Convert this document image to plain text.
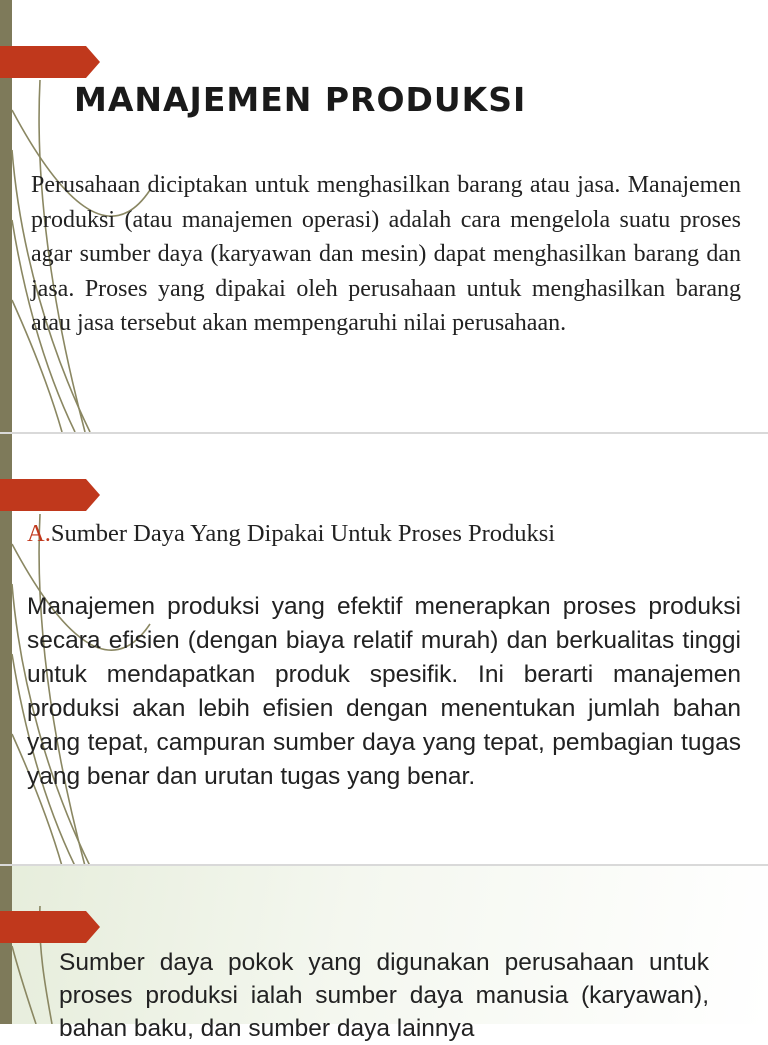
MANAJEMEN PRODUKSI

Perusahaan diciptakan untuk menghasilkan barang atau jasa. Manajemen produksi (atau manajemen operasi) adalah cara mengelola suatu proses agar sumber daya (karyawan dan mesin) dapat menghasilkan barang dan jasa. Proses yang dipakai oleh perusahaan untuk menghasilkan barang atau jasa tersebut akan mempengaruhi nilai perusahaan.

A.Sumber Daya Yang Dipakai Untuk Proses Produksi

Manajemen produksi yang efektif menerapkan proses produksi secara efisien (dengan biaya relatif murah) dan berkualitas tinggi untuk mendapatkan produk spesifik. Ini berarti manajemen produksi akan lebih efisien dengan menentukan jumlah bahan yang tepat, campuran sumber daya yang tepat, pembagian tugas yang benar dan urutan tugas yang benar.

Sumber daya pokok yang digunakan perusahaan untuk proses produksi ialah sumber daya manusia (karyawan), bahan baku, dan sumber daya lainnya
